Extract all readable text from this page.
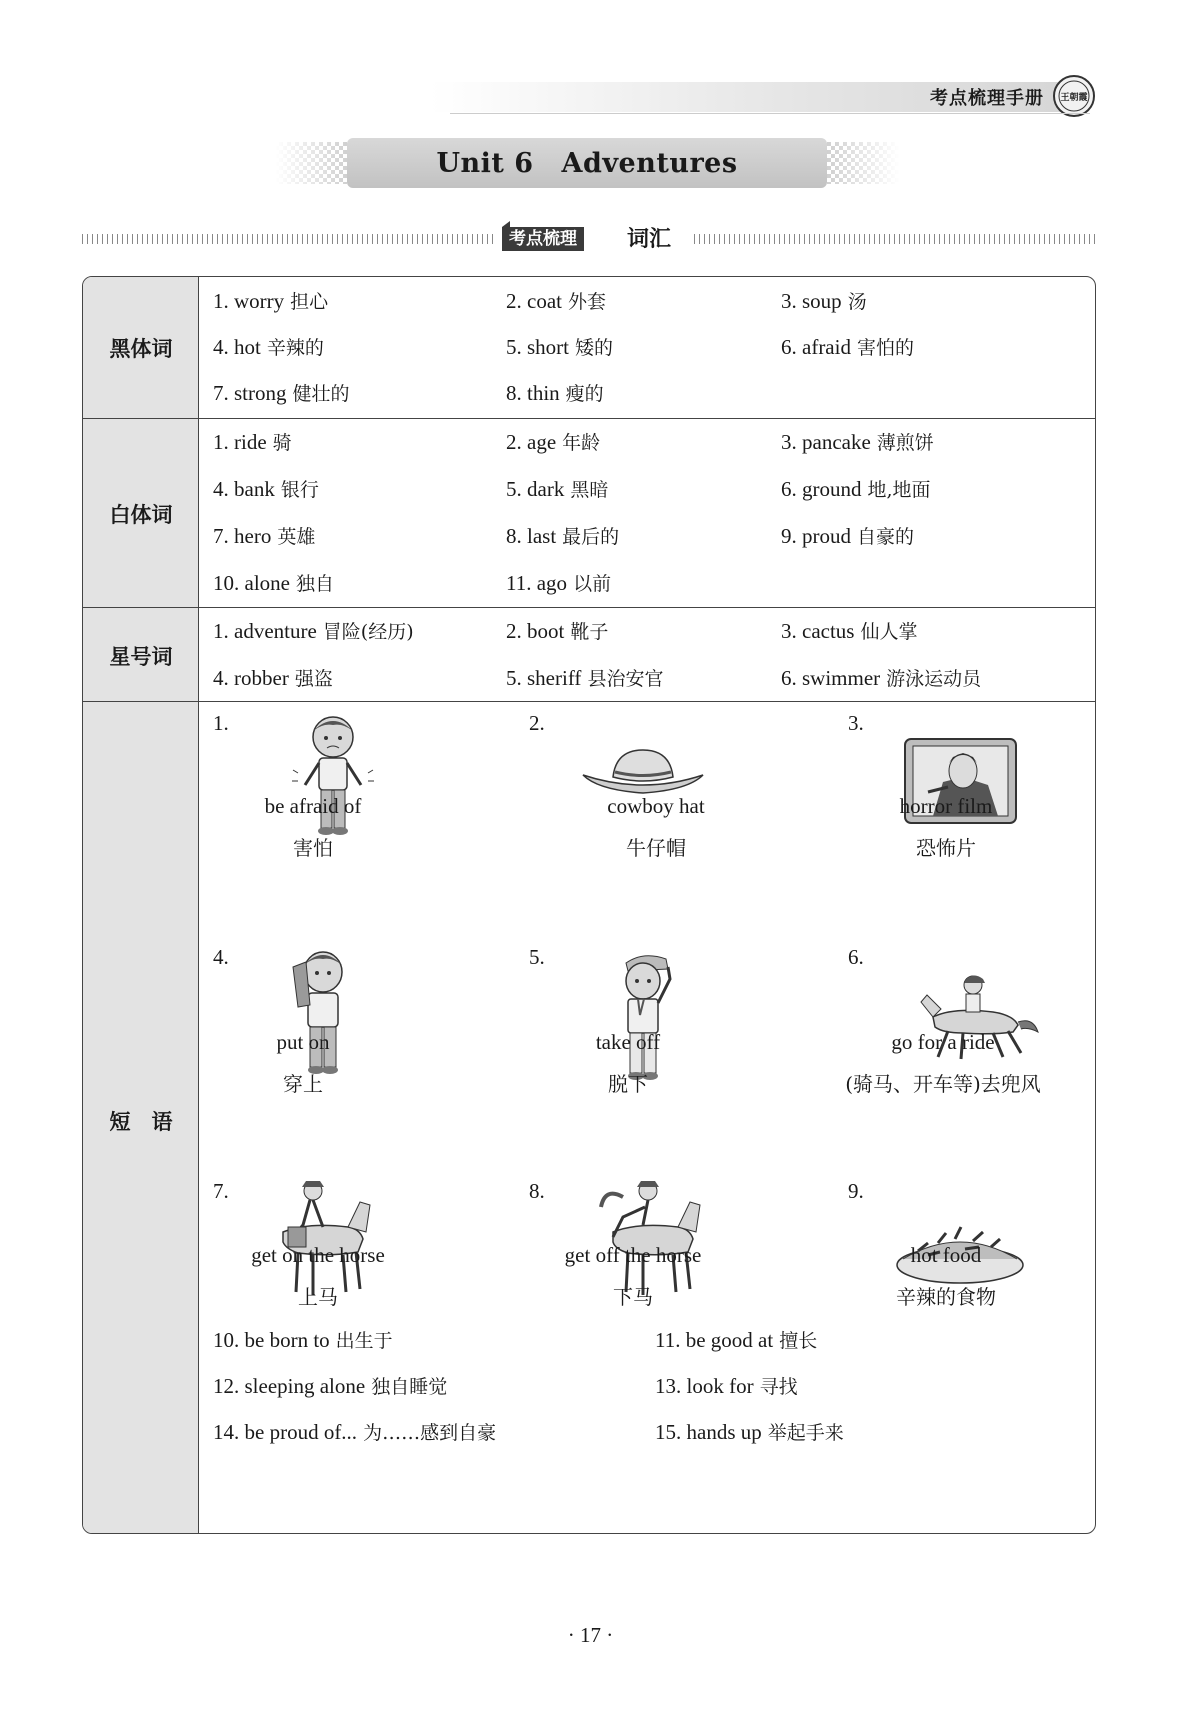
考点梳理手册 王朝霞
Unit 6 Adventures
考点梳理	词汇
黑体词
白体词
星号词
短　语
1. worry 担心	2. coat 外套	3. soup 汤
4. hot 辛辣的	5. short 矮的	6. afraid 害怕的
7. strong 健壮的	8. thin 瘦的
1. ride 骑	2. age 年龄	3. pancake 薄煎饼
4. bank 银行	5. dark 黑暗	6. ground 地,地面
7. hero 英雄	8. last 最后的	9. proud 自豪的
10. alone 独自	11. ago 以前
1. adventure 冒险(经历)	2. boot 靴子	3. cactus 仙人掌
4. robber 强盗	5. sheriff 县治安官	6. swimmer 游泳运动员
1.
be afraid of
害怕
2.
cowboy hat
牛仔帽
3.
horror film
恐怖片
4.
put on
穿上
5.
take off
脱下
6.
go for a ride
(骑马、开车等)去兜风
7.
get on the horse
上马
8.
get off the horse
下马
9.
hot food
辛辣的食物
10. be born to 出生于	11. be good at 擅长
12. sleeping alone 独自睡觉	13. look for 寻找
14. be proud of... 为……感到自豪	15. hands up 举起手来
· 17 ·
